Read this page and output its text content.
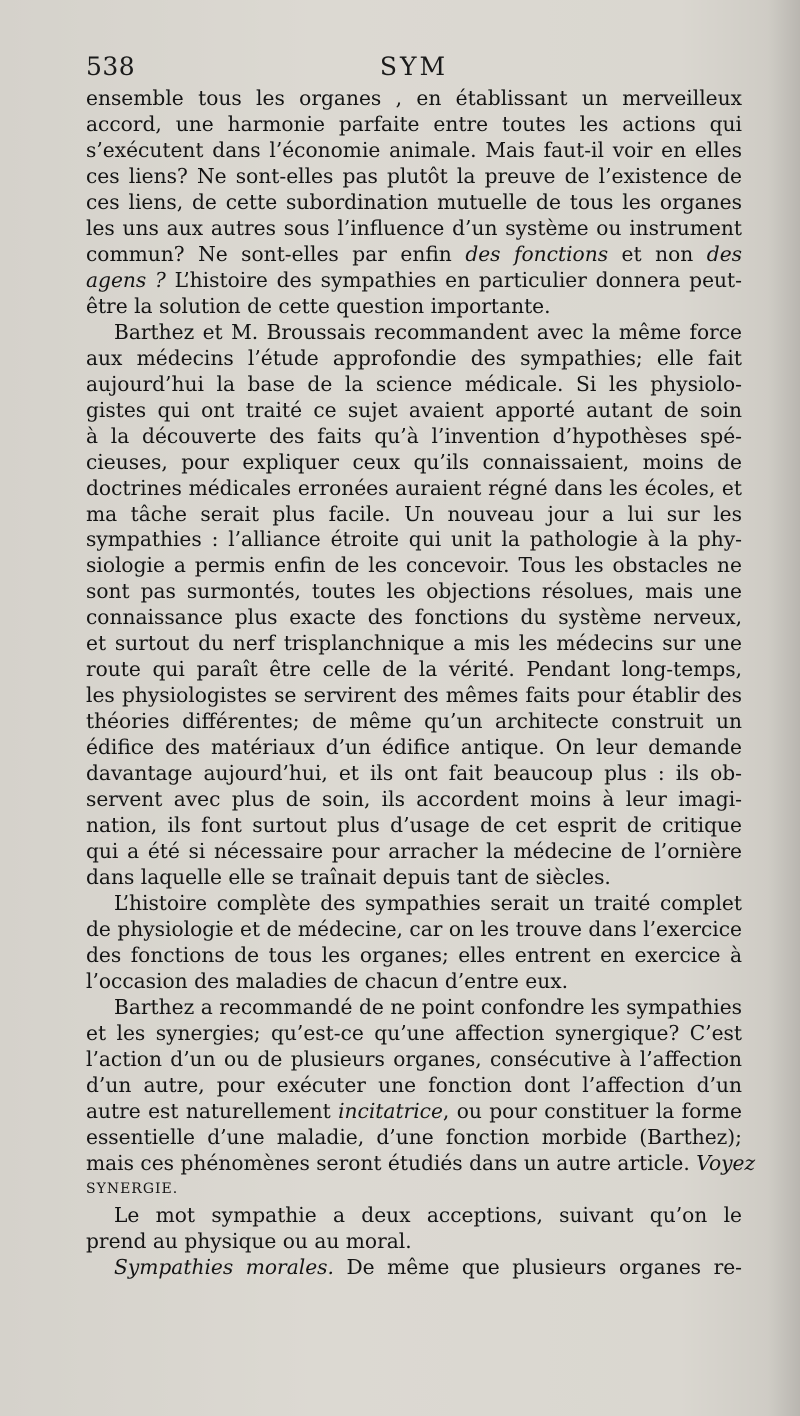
538	SYM
ensemble tous les organes , en établissant un merveilleux
accord, une harmonie parfaite entre toutes les actions qui
s’exécutent dans l’économie animale. Mais faut-il voir en elles
ces liens? Ne sont-elles pas plutôt la preuve de l’existence de
ces liens, de cette subordination mutuelle de tous les organes
les uns aux autres sous l’influence d’un système ou instrument
commun? Ne sont-elles par enfin des fonctions et non des
agens ? L’histoire des sympathies en particulier donnera peut-
être la solution de cette question importante.
Barthez et M. Broussais recommandent avec la même force
aux médecins l’étude approfondie des sympathies; elle fait
aujourd’hui la base de la science médicale. Si les physiolo-
gistes qui ont traité ce sujet avaient apporté autant de soin
à la découverte des faits qu’à l’invention d’hypothèses spé-
cieuses, pour expliquer ceux qu’ils connaissaient, moins de
doctrines médicales erronées auraient régné dans les écoles, et
ma tâche serait plus facile. Un nouveau jour a lui sur les
sympathies : l’alliance étroite qui unit la pathologie à la phy-
siologie a permis enfin de les concevoir. Tous les obstacles ne
sont pas surmontés, toutes les objections résolues, mais une
connaissance plus exacte des fonctions du système nerveux,
et surtout du nerf trisplanchnique a mis les médecins sur une
route qui paraît être celle de la vérité. Pendant long-temps,
les physiologistes se servirent des mêmes faits pour établir des
théories différentes; de même qu’un architecte construit un
édifice des matériaux d’un édifice antique. On leur demande
davantage aujourd’hui, et ils ont fait beaucoup plus : ils ob-
servent avec plus de soin, ils accordent moins à leur imagi-
nation, ils font surtout plus d’usage de cet esprit de critique
qui a été si nécessaire pour arracher la médecine de l’ornière
dans laquelle elle se traînait depuis tant de siècles.
L’histoire complète des sympathies serait un traité complet
de physiologie et de médecine, car on les trouve dans l’exercice
des fonctions de tous les organes; elles entrent en exercice à
l’occasion des maladies de chacun d’entre eux.
Barthez a recommandé de ne point confondre les sympathies
et les synergies; qu’est-ce qu’une affection synergique? C’est
l’action d’un ou de plusieurs organes, consécutive à l’affection
d’un autre, pour exécuter une fonction dont l’affection d’un
autre est naturellement incitatrice, ou pour constituer la forme
essentielle d’une maladie, d’une fonction morbide (Barthez);
mais ces phénomènes seront étudiés dans un autre article. Voyez
SYNERGIE.
Le mot sympathie a deux acceptions, suivant qu’on le
prend au physique ou au moral.
Sympathies morales. De même que plusieurs organes re-
